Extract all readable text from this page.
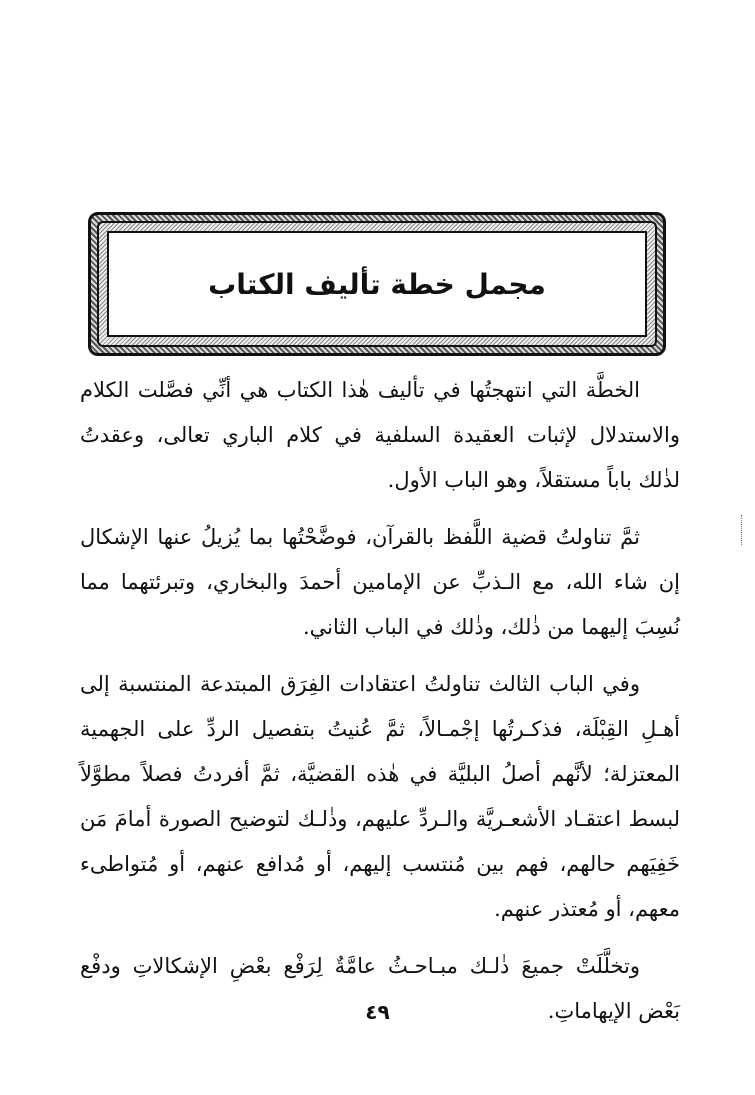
مجمل خطة تأليف الكتاب

الخطَّة التي انتهجتُها في تأليف هٰذا الكتاب هي أنِّي فصَّلت الكلام والاستدلال لإثبات العقيدة السلفية في كلام الباري تعالى، وعقدتُ لذٰلك باباً مستقلاً، وهو الباب الأول.

ثمَّ تناولتُ قضية اللَّفظ بالقرآن، فوضَّحْتُها بما يُزيلُ عنها الإشكال إن شاء الله، مع الـذبِّ عن الإمامين أحمدَ والبخاري، وتبرئتهما مما نُسِبَ إليهما من ذٰلك، وذٰلك في الباب الثاني.

وفي الباب الثالث تناولتُ اعتقادات الفِرَق المبتدعة المنتسبة إلى أهـلِ القِبْلَة، فذكـرتُها إجْمـالاً، ثمَّ عُنيتُ بتفصيل الردِّ على الجهمية المعتزلة؛ لأنَّهم أصلُ البليَّة في هٰذه القضيَّة، ثمَّ أفردتُ فصلاً مطوَّلاً لبسط اعتقـاد الأشعـريَّة والـردِّ عليهم، وذٰلـك لتوضيح الصورة أمامَ مَن خَفِيَهم حالهم، فهم بين مُنتسب إليهم، أو مُدافع عنهم، أو مُتواطىء معهم، أو مُعتذر عنهم.

وتخلَّلَتْ جميعَ ذٰلـك مبـاحـثُ عامَّةٌ لِرَفْع بعْضِ الإشكالاتِ ودفْع بَعْض الإيهاماتِ.

٤٩
